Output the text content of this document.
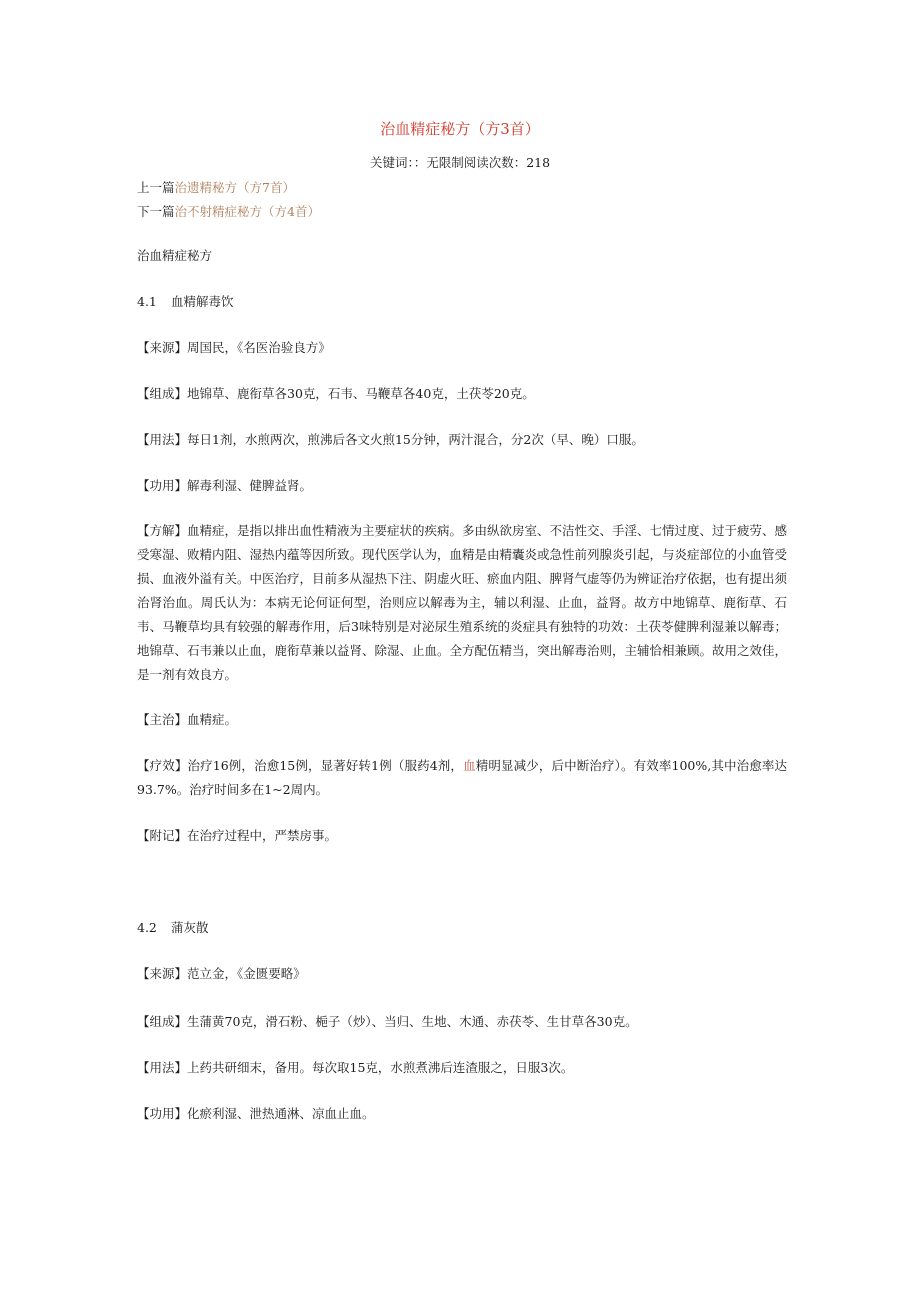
治血精症秘方（方3首）
关键词：：无限制阅读次数：218
上一篇治遗精秘方（方7首）
下一篇治不射精症秘方（方4首）
治血精症秘方
4.1 血精解毒饮
【来源】周国民，《名医治验良方》
【组成】地锦草、鹿衔草各30克，石韦、马鞭草各40克，土茯苓20克。
【用法】每日1剂，水煎两次，煎沸后各文火煎15分钟，两汁混合，分2次（早、晚）口服。
【功用】解毒利湿、健脾益肾。
【方解】血精症，是指以排出血性精液为主要症状的疾病。多由纵欲房室、不洁性交、手淫、七情过度、过于疲劳、感受寒湿、败精内阻、湿热内蕴等因所致。现代医学认为，血精是由精囊炎或急性前列腺炎引起，与炎症部位的小血管受损、血液外溢有关。中医治疗，目前多从湿热下注、阴虚火旺、瘀血内阻、脾肾气虚等仍为辨证治疗依据，也有提出须治肾治血。周氏认为：本病无论何证何型，治则应以解毒为主，辅以利湿、止血，益肾。故方中地锦草、鹿衔草、石韦、马鞭草均具有较强的解毒作用，后3味特别是对泌尿生殖系统的炎症具有独特的功效：土茯苓健脾利湿兼以解毒；地锦草、石韦兼以止血，鹿衔草兼以益肾、除湿、止血。全方配伍精当，突出解毒治则，主辅恰相兼顾。故用之效佳，是一剂有效良方。
【主治】血精症。
【疗效】治疗16例，治愈15例，显著好转1例（服药4剂，血精明显减少，后中断治疗）。有效率100%,其中治愈率达93.7%。治疗时间多在1~2周内。
【附记】在治疗过程中，严禁房事。
4.2 蒲灰散
【来源】范立金，《金匮要略》
【组成】生蒲黄70克，滑石粉、梔子（炒）、当归、生地、木通、赤茯苓、生甘草各30克。
【用法】上药共研细末，备用。每次取15克，水煎煮沸后连渣服之，日服3次。
【功用】化瘀利湿、泄热通淋、凉血止血。
